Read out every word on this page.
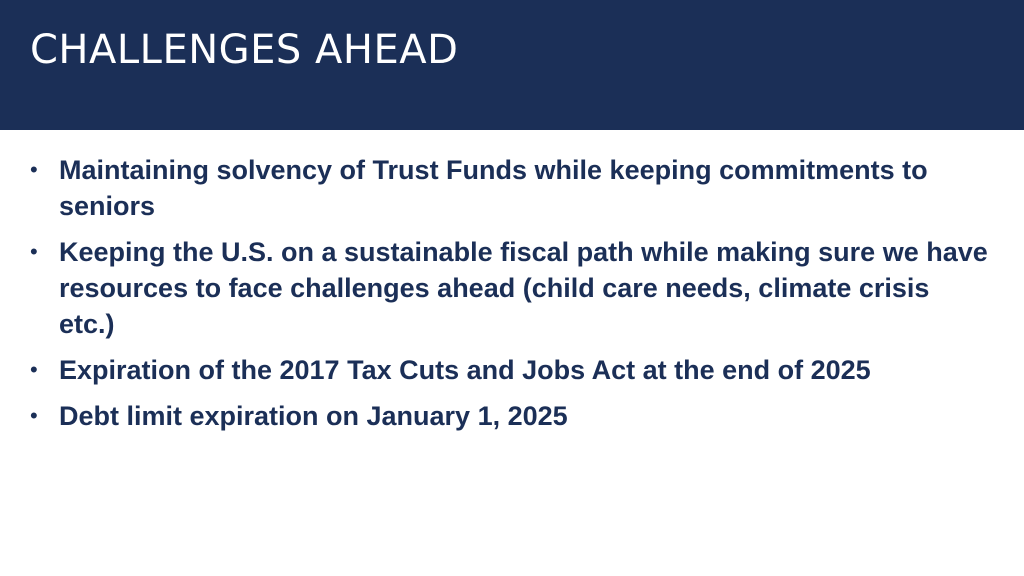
CHALLENGES AHEAD
• Maintaining solvency of Trust Funds while keeping commitments to seniors
• Keeping the U.S. on a sustainable fiscal path while making sure we have resources to face challenges ahead (child care needs, climate crisis etc.)
• Expiration of the 2017 Tax Cuts and Jobs Act at the end of 2025
• Debt limit expiration on January 1, 2025
